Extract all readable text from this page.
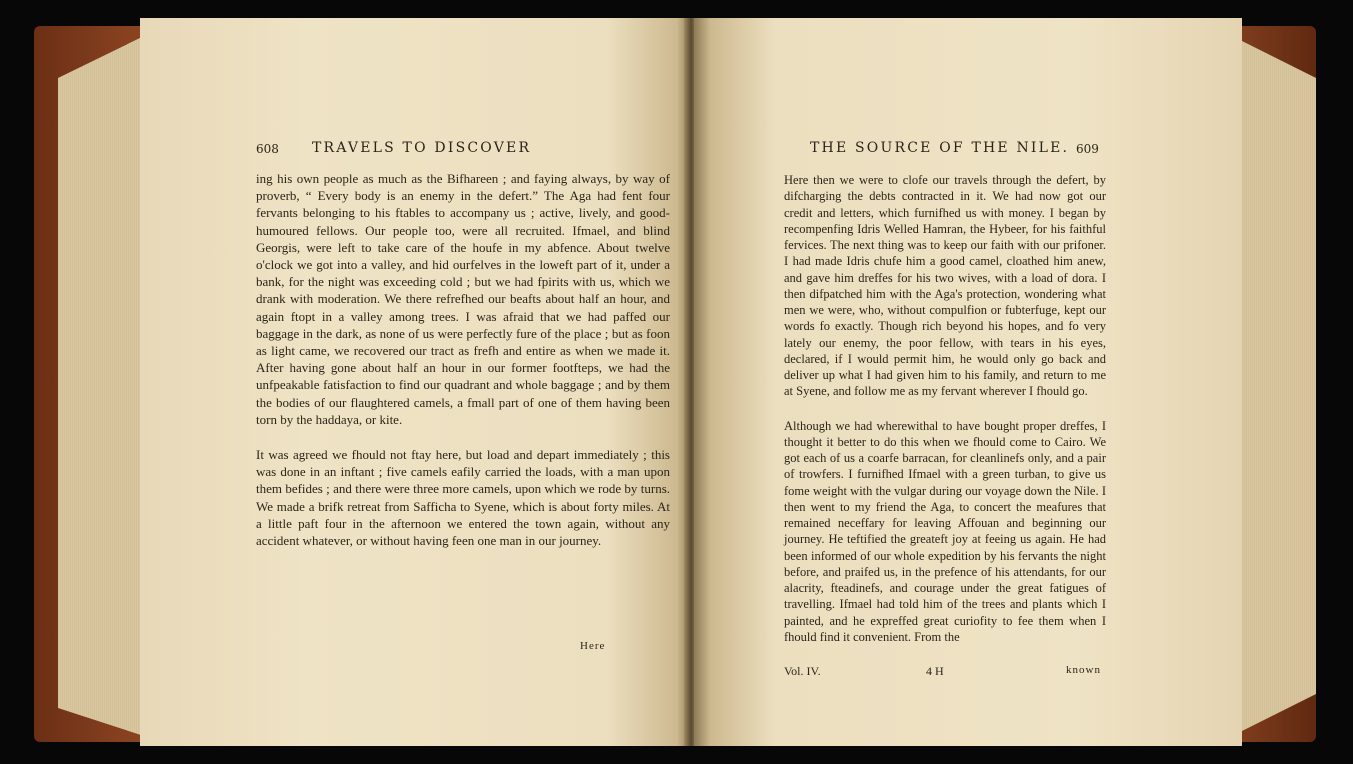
608 TRAVELS TO DISCOVER

ing his own people as much as the Bifhareen ; and faying always, by way of proverb, “ Every body is an enemy in the defert.” The Aga had fent four fervants belonging to his ftables to accompany us ; active, lively, and good-humoured fellows. Our people too, were all recruited. Ifmael, and blind Georgis, were left to take care of the houfe in my abfence. About twelve o'clock we got into a valley, and hid ourfelves in the loweft part of it, under a bank, for the night was exceeding cold ; but we had fpirits with us, which we drank with moderation. We there refrefhed our beafts about half an hour, and again ftopt in a valley among trees. I was afraid that we had paffed our baggage in the dark, as none of us were perfectly fure of the place ; but as foon as light came, we recovered our tract as frefh and entire as when we made it. After having gone about half an hour in our former footfteps, we had the unfpeakable fatisfaction to find our quadrant and whole baggage ; and by them the bodies of our flaughtered camels, a fmall part of one of them having been torn by the haddaya, or kite.

It was agreed we fhould not ftay here, but load and depart immediately ; this was done in an inftant ; five camels eafily carried the loads, with a man upon them befides ; and there were three more camels, upon which we rode by turns. We made a brifk retreat from Safficha to Syene, which is about forty miles. At a little paft four in the afternoon we entered the town again, without any accident whatever, or without having feen one man in our journey.

Here
THE SOURCE OF THE NILE. 609

Here then we were to clofe our travels through the defert, by difcharging the debts contracted in it. We had now got our credit and letters, which furnifhed us with money. I began by recompenfing Idris Welled Hamran, the Hybeer, for his faithful fervices. The next thing was to keep our faith with our prifoner. I had made Idris chufe him a good camel, cloathed him anew, and gave him dreffes for his two wives, with a load of dora. I then difpatched him with the Aga's protection, wondering what men we were, who, without compulfion or fubterfuge, kept our words fo exactly. Though rich beyond his hopes, and fo very lately our enemy, the poor fellow, with tears in his eyes, declared, if I would permit him, he would only go back and deliver up what I had given him to his family, and return to me at Syene, and follow me as my fervant wherever I fhould go.

Although we had wherewithal to have bought proper dreffes, I thought it better to do this when we fhould come to Cairo. We got each of us a coarfe barracan, for cleanlinefs only, and a pair of trowfers. I furnifhed Ifmael with a green turban, to give us fome weight with the vulgar during our voyage down the Nile. I then went to my friend the Aga, to concert the meafures that remained neceffary for leaving Affouan and beginning our journey. He teftified the greateft joy at feeing us again. He had been informed of our whole expedition by his fervants the night before, and praifed us, in the prefence of his attendants, for our alacrity, fteadinefs, and courage under the great fatigues of travelling. Ifmael had told him of the trees and plants which I painted, and he expreffed great curiofity to fee them when I fhould find it convenient. From the

Vol. IV.	4 H	known
